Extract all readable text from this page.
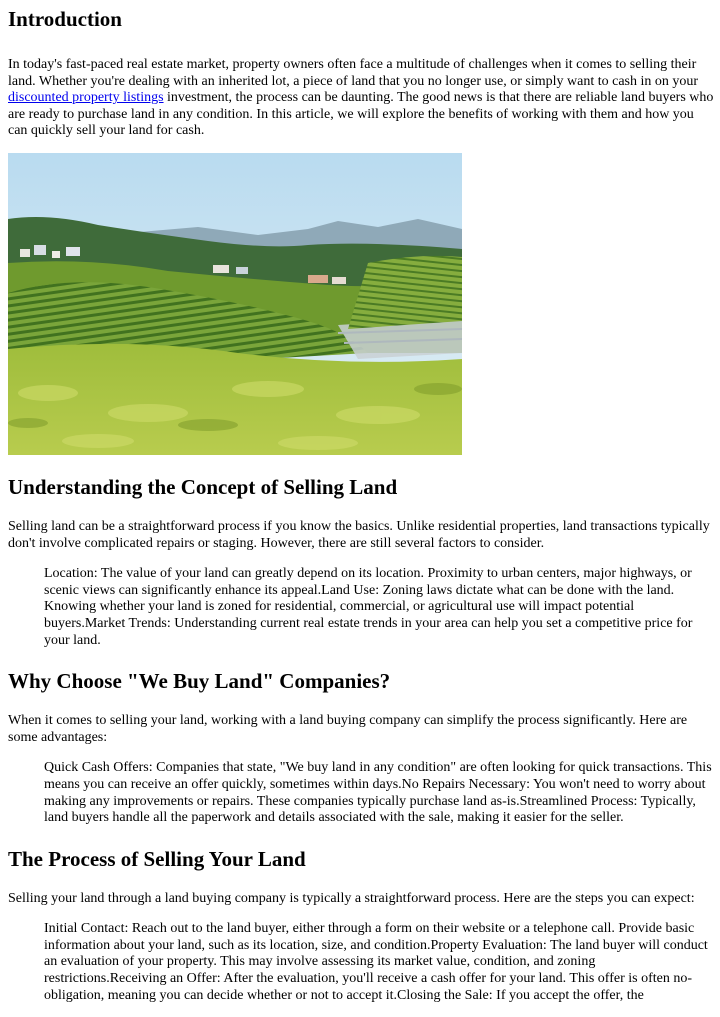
Introduction

In today's fast-paced real estate market, property owners often face a multitude of challenges when it comes to selling their land. Whether you're dealing with an inherited lot, a piece of land that you no longer use, or simply want to cash in on your discounted property listings investment, the process can be daunting. The good news is that there are reliable land buyers who are ready to purchase land in any condition. In this article, we will explore the benefits of working with them and how you can quickly sell your land for cash.

Understanding the Concept of Selling Land

Selling land can be a straightforward process if you know the basics. Unlike residential properties, land transactions typically don't involve complicated repairs or staging. However, there are still several factors to consider.

Location: The value of your land can greatly depend on its location. Proximity to urban centers, major highways, or scenic views can significantly enhance its appeal.Land Use: Zoning laws dictate what can be done with the land. Knowing whether your land is zoned for residential, commercial, or agricultural use will impact potential buyers.Market Trends: Understanding current real estate trends in your area can help you set a competitive price for your land.
Why Choose "We Buy Land" Companies?

When it comes to selling your land, working with a land buying company can simplify the process significantly. Here are some advantages:

Quick Cash Offers: Companies that state, "We buy land in any condition" are often looking for quick transactions. This means you can receive an offer quickly, sometimes within days.No Repairs Necessary: You won't need to worry about making any improvements or repairs. These companies typically purchase land as-is.Streamlined Process: Typically, land buyers handle all the paperwork and details associated with the sale, making it easier for the seller.
The Process of Selling Your Land

Selling your land through a land buying company is typically a straightforward process. Here are the steps you can expect:

Initial Contact: Reach out to the land buyer, either through a form on their website or a telephone call. Provide basic information about your land, such as its location, size, and condition.Property Evaluation: The land buyer will conduct an evaluation of your property. This may involve assessing its market value, condition, and zoning restrictions.Receiving an Offer: After the evaluation, you'll receive a cash offer for your land. This offer is often no-obligation, meaning you can decide whether or not to accept it.Closing the Sale: If you accept the offer, the
